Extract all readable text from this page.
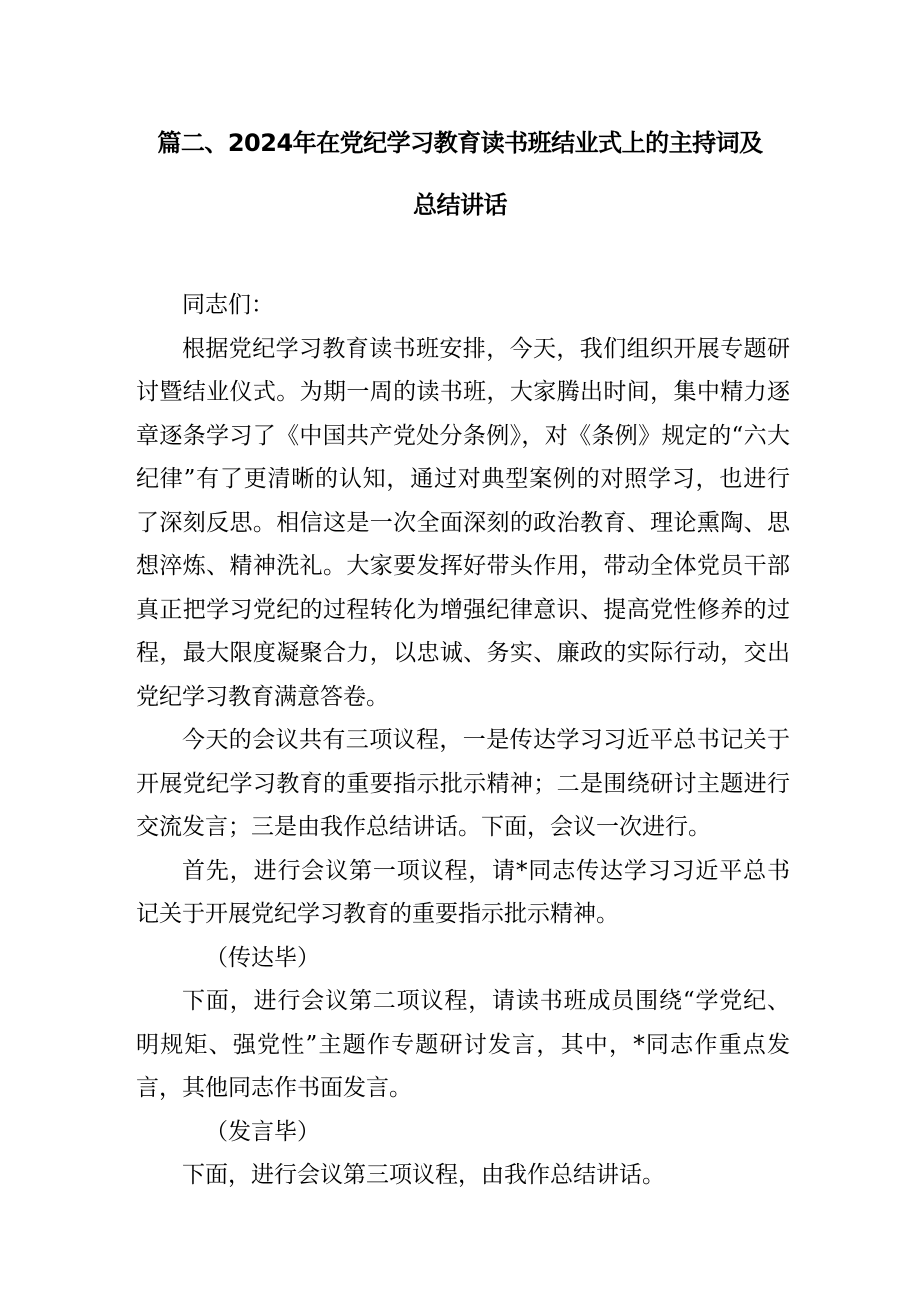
篇二、2024年在党纪学习教育读书班结业式上的主持词及
总结讲话

同志们：

根据党纪学习教育读书班安排，今天，我们组织开展专题研讨暨结业仪式。为期一周的读书班，大家腾出时间，集中精力逐章逐条学习了《中国共产党处分条例》，对《条例》规定的“六大纪律”有了更清晰的认知，通过对典型案例的对照学习，也进行了深刻反思。相信这是一次全面深刻的政治教育、理论熏陶、思想淬炼、精神洗礼。大家要发挥好带头作用，带动全体党员干部真正把学习党纪的过程转化为增强纪律意识、提高党性修养的过程，最大限度凝聚合力，以忠诚、务实、廉政的实际行动，交出党纪学习教育满意答卷。

今天的会议共有三项议程，一是传达学习习近平总书记关于开展党纪学习教育的重要指示批示精神；二是围绕研讨主题进行交流发言；三是由我作总结讲话。下面，会议一次进行。

首先，进行会议第一项议程，请*同志传达学习习近平总书记关于开展党纪学习教育的重要指示批示精神。

（传达毕）

下面，进行会议第二项议程，请读书班成员围绕“学党纪、明规矩、强党性”主题作专题研讨发言，其中，*同志作重点发言，其他同志作书面发言。

（发言毕）

下面，进行会议第三项议程，由我作总结讲话。
